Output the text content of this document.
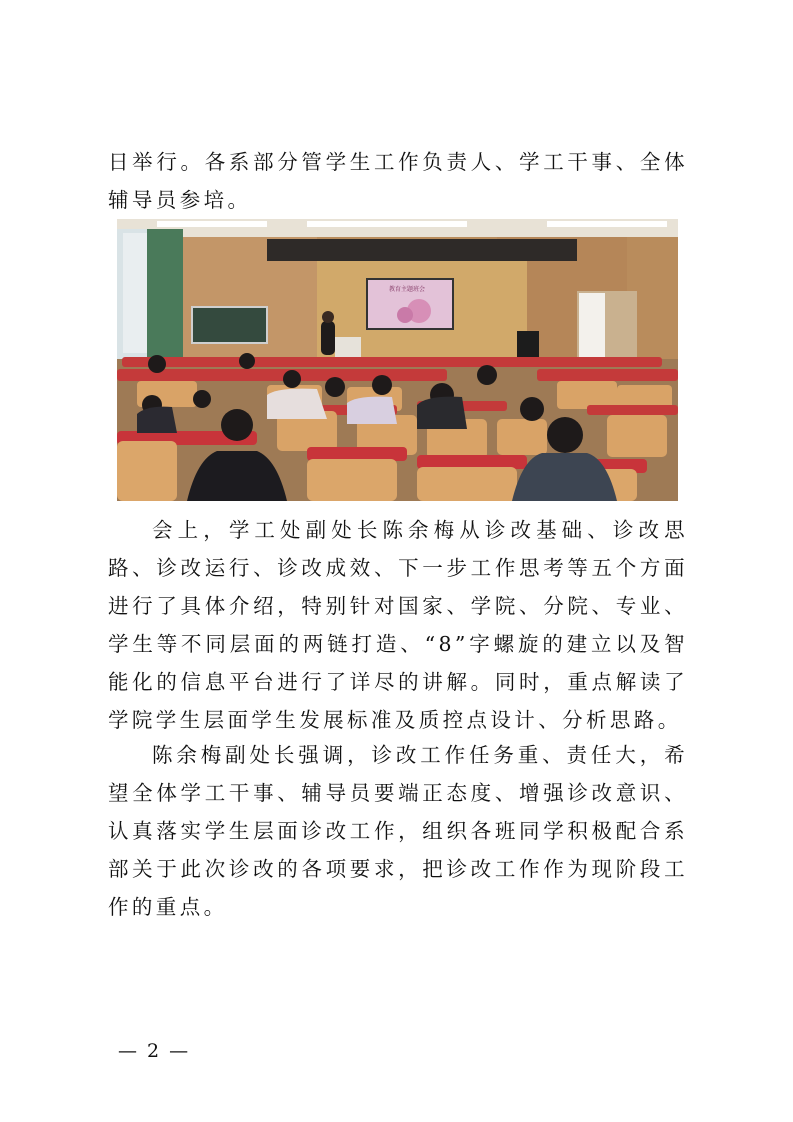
日举行。各系部分管学生工作负责人、学工干事、全体辅导员参培。

教育主题班会

会上，学工处副处长陈余梅从诊改基础、诊改思路、诊改运行、诊改成效、下一步工作思考等五个方面进行了具体介绍，特别针对国家、学院、分院、专业、学生等不同层面的两链打造、“8”字螺旋的建立以及智能化的信息平台进行了详尽的讲解。同时，重点解读了学院学生层面学生发展标准及质控点设计、分析思路。

陈余梅副处长强调，诊改工作任务重、责任大，希望全体学工干事、辅导员要端正态度、增强诊改意识、认真落实学生层面诊改工作，组织各班同学积极配合系部关于此次诊改的各项要求，把诊改工作作为现阶段工作的重点。

— 2 —
